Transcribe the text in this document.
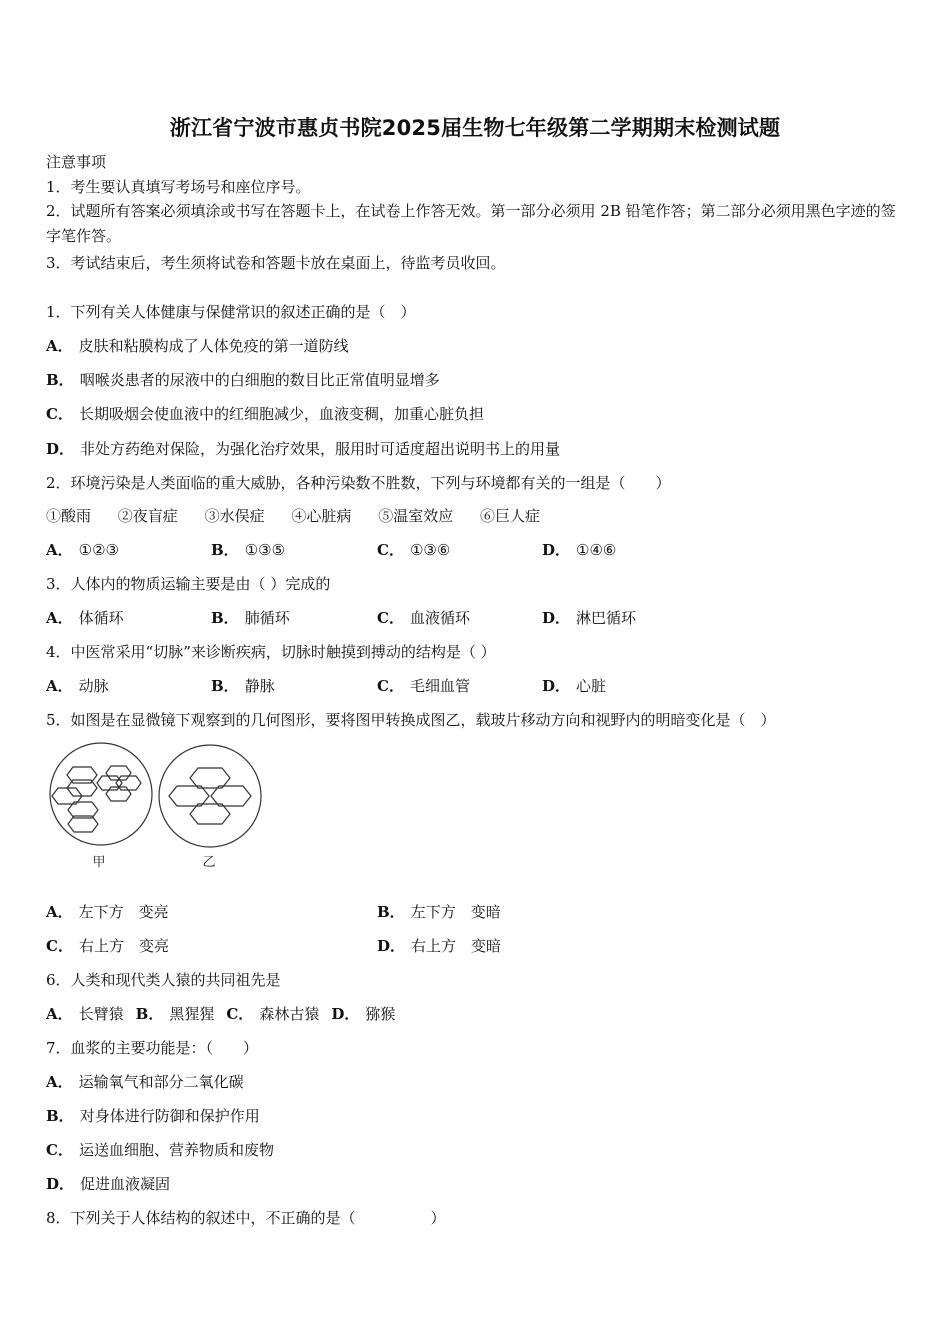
浙江省宁波市惠贞书院2025届生物七年级第二学期期末检测试题
注意事项
1．考生要认真填写考场号和座位序号。
2．试题所有答案必须填涂或书写在答题卡上，在试卷上作答无效。第一部分必须用 2B 铅笔作答；第二部分必须用黑色字迹的签字笔作答。
3．考试结束后，考生须将试卷和答题卡放在桌面上，待监考员收回。
1．下列有关人体健康与保健常识的叙述正确的是（　）
A． 皮肤和粘膜构成了人体免疫的第一道防线
B． 咽喉炎患者的尿液中的白细胞的数目比正常值明显增多
C． 长期吸烟会使血液中的红细胞减少，血液变稠，加重心脏负担
D． 非处方药绝对保险，为强化治疗效果，服用时可适度超出说明书上的用量
2．环境污染是人类面临的重大威胁，各种污染数不胜数，下列与环境都有关的一组是（　　）
①酸雨 ②夜盲症 ③水俣症 ④心脏病 ⑤温室效应 ⑥巨人症
A． ①②③	B． ①③⑤	C． ①③⑥	D． ①④⑥
3．人体内的物质运输主要是由（ ）完成的
A． 体循环	B． 肺循环	C． 血液循环	D． 淋巴循环
4．中医常采用“切脉”来诊断疾病，切脉时触摸到搏动的结构是（ ）
A． 动脉	B． 静脉	C． 毛细血管	D． 心脏
5．如图是在显微镜下观察到的几何图形，要将图甲转换成图乙，载玻片移动方向和视野内的明暗变化是（　）
甲	乙
A． 左下方　变亮	B． 左下方　变暗
C． 右上方　变亮	D． 右上方　变暗
6．人类和现代类人猿的共同祖先是
A． 长臂猿 B． 黑猩猩 C． 森林古猿 D． 猕猴
7．血浆的主要功能是：（　　）
A． 运输氧气和部分二氧化碳
B． 对身体进行防御和保护作用
C． 运送血细胞、营养物质和废物
D． 促进血液凝固
8．下列关于人体结构的叙述中，不正确的是（　　　　　）
